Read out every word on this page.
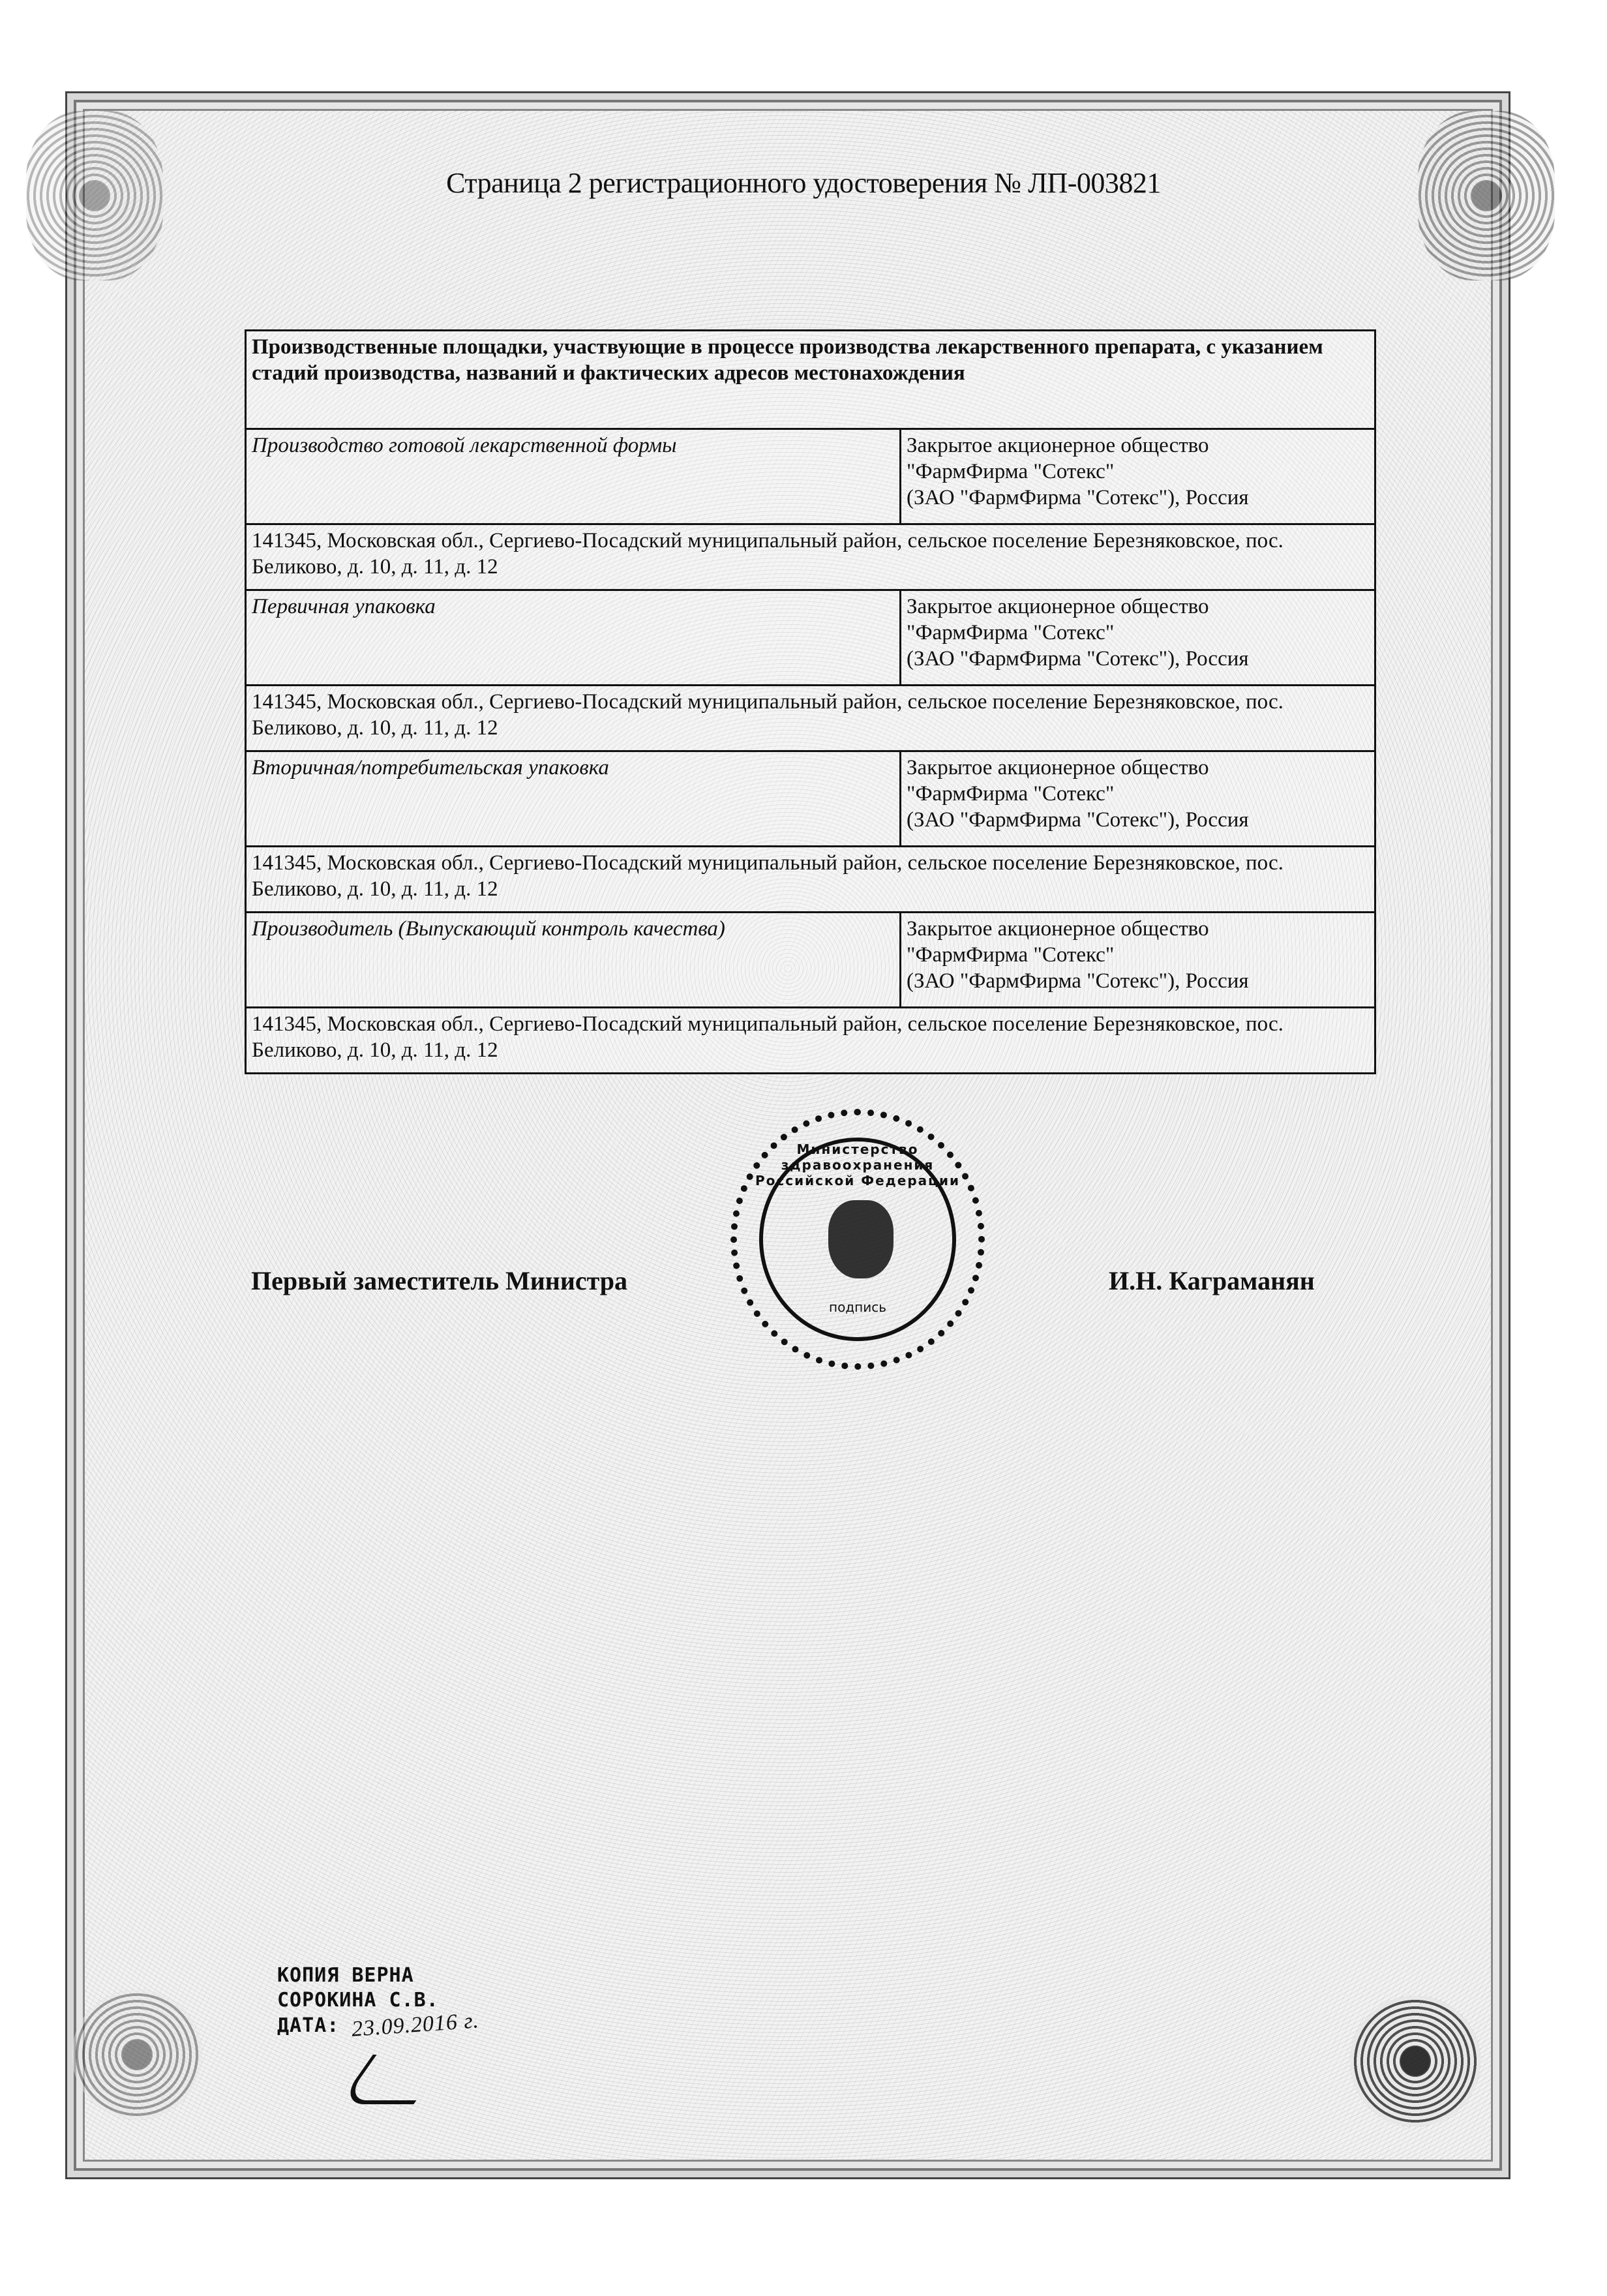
Страница 2 регистрационного удостоверения № ЛП-003821
Производственные площадки, участвующие в процессе производства лекарственного препарата, с указанием стадий производства, названий и фактических адресов местонахождения	
Производство готовой лекарственной формы	Закрытое акционерное общество
"ФармФирма "Сотекс"
(ЗАО "ФармФирма "Сотекс"), Россия

141345, Московская обл., Сергиево-Посадский муниципальный район, сельское поселение Березняковское, пос. Беликово, д. 10, д. 11, д. 12	
Первичная упаковка	Закрытое акционерное общество
"ФармФирма "Сотекс"
(ЗАО "ФармФирма "Сотекс"), Россия

141345, Московская обл., Сергиево-Посадский муниципальный район, сельское поселение Березняковское, пос. Беликово, д. 10, д. 11, д. 12	
Вторичная/потребительская упаковка	Закрытое акционерное общество
"ФармФирма "Сотекс"
(ЗАО "ФармФирма "Сотекс"), Россия

141345, Московская обл., Сергиево-Посадский муниципальный район, сельское поселение Березняковское, пос. Беликово, д. 10, д. 11, д. 12	
Производитель (Выпускающий контроль качества)	Закрытое акционерное общество
"ФармФирма "Сотекс"
(ЗАО "ФармФирма "Сотекс"), Россия

141345, Московская обл., Сергиево-Посадский муниципальный район, сельское поселение Березняковское, пос. Беликово, д. 10, д. 11, д. 12	
Первый заместитель Министра	И.Н. Каграманян
Министерство здравоохранения Российской Федерации
подпись
КОПИЯ ВЕРНА
СОРОКИНА С.В.
ДАТА: 23.09.2016 г.
